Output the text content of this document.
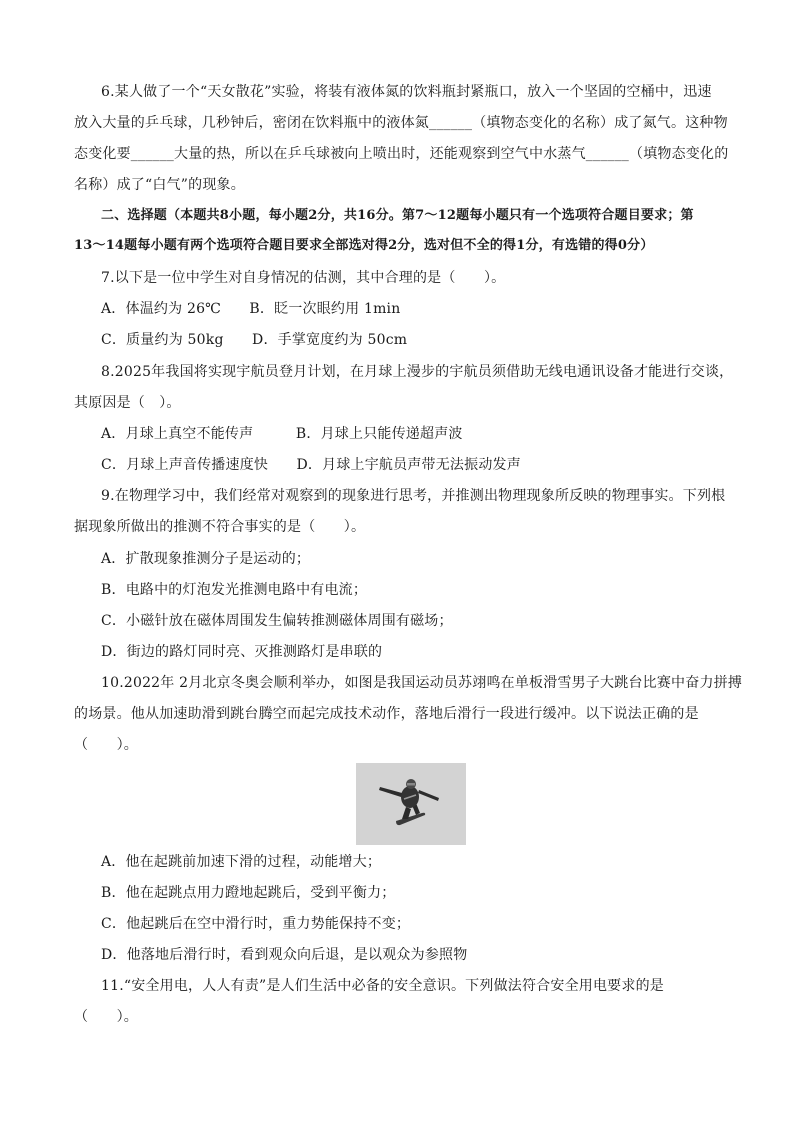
6.某人做了一个“天女散花”实验，将装有液体氮的饮料瓶封紧瓶口，放入一个坚固的空桶中，迅速
放入大量的乒乓球，几秒钟后，密闭在饮料瓶中的液体氮______（填物态变化的名称）成了氮气。这种物
态变化要______大量的热，所以在乒乓球被向上喷出时，还能观察到空气中水蒸气______（填物态变化的
名称）成了“白气”的现象。
二、选择题（本题共8小题，每小题2分，共16分。第7～12题每小题只有一个选项符合题目要求；第
13～14题每小题有两个选项符合题目要求全部选对得2分，选对但不全的得1分，有选错的得0分）
7.以下是一位中学生对自身情况的估测，其中合理的是（　　）。
A．体温约为 26℃　　B．眨一次眼约用 1min
C．质量约为 50kg　　D．手掌宽度约为 50cm
8.2025年我国将实现宇航员登月计划，在月球上漫步的宇航员须借助无线电通讯设备才能进行交谈，
其原因是（　）。
A．月球上真空不能传声　　　B．月球上只能传递超声波
C．月球上声音传播速度快　　D．月球上宇航员声带无法振动发声
9.在物理学习中，我们经常对观察到的现象进行思考，并推测出物理现象所反映的物理事实。下列根
据现象所做出的推测不符合事实的是（　　）。
A．扩散现象推测分子是运动的；
B．电路中的灯泡发光推测电路中有电流；
C．小磁针放在磁体周围发生偏转推测磁体周围有磁场；
D．街边的路灯同时亮、灭推测路灯是串联的
10.2022年 2月北京冬奥会顺利举办，如图是我国运动员苏翊鸣在单板滑雪男子大跳台比赛中奋力拼搏
的场景。他从加速助滑到跳台腾空而起完成技术动作，落地后滑行一段进行缓冲。以下说法正确的是
（　　）。
A．他在起跳前加速下滑的过程，动能增大；
B．他在起跳点用力蹬地起跳后，受到平衡力；
C．他起跳后在空中滑行时，重力势能保持不变；
D．他落地后滑行时，看到观众向后退，是以观众为参照物
11.“安全用电，人人有责”是人们生活中必备的安全意识。下列做法符合安全用电要求的是
（　　）。
